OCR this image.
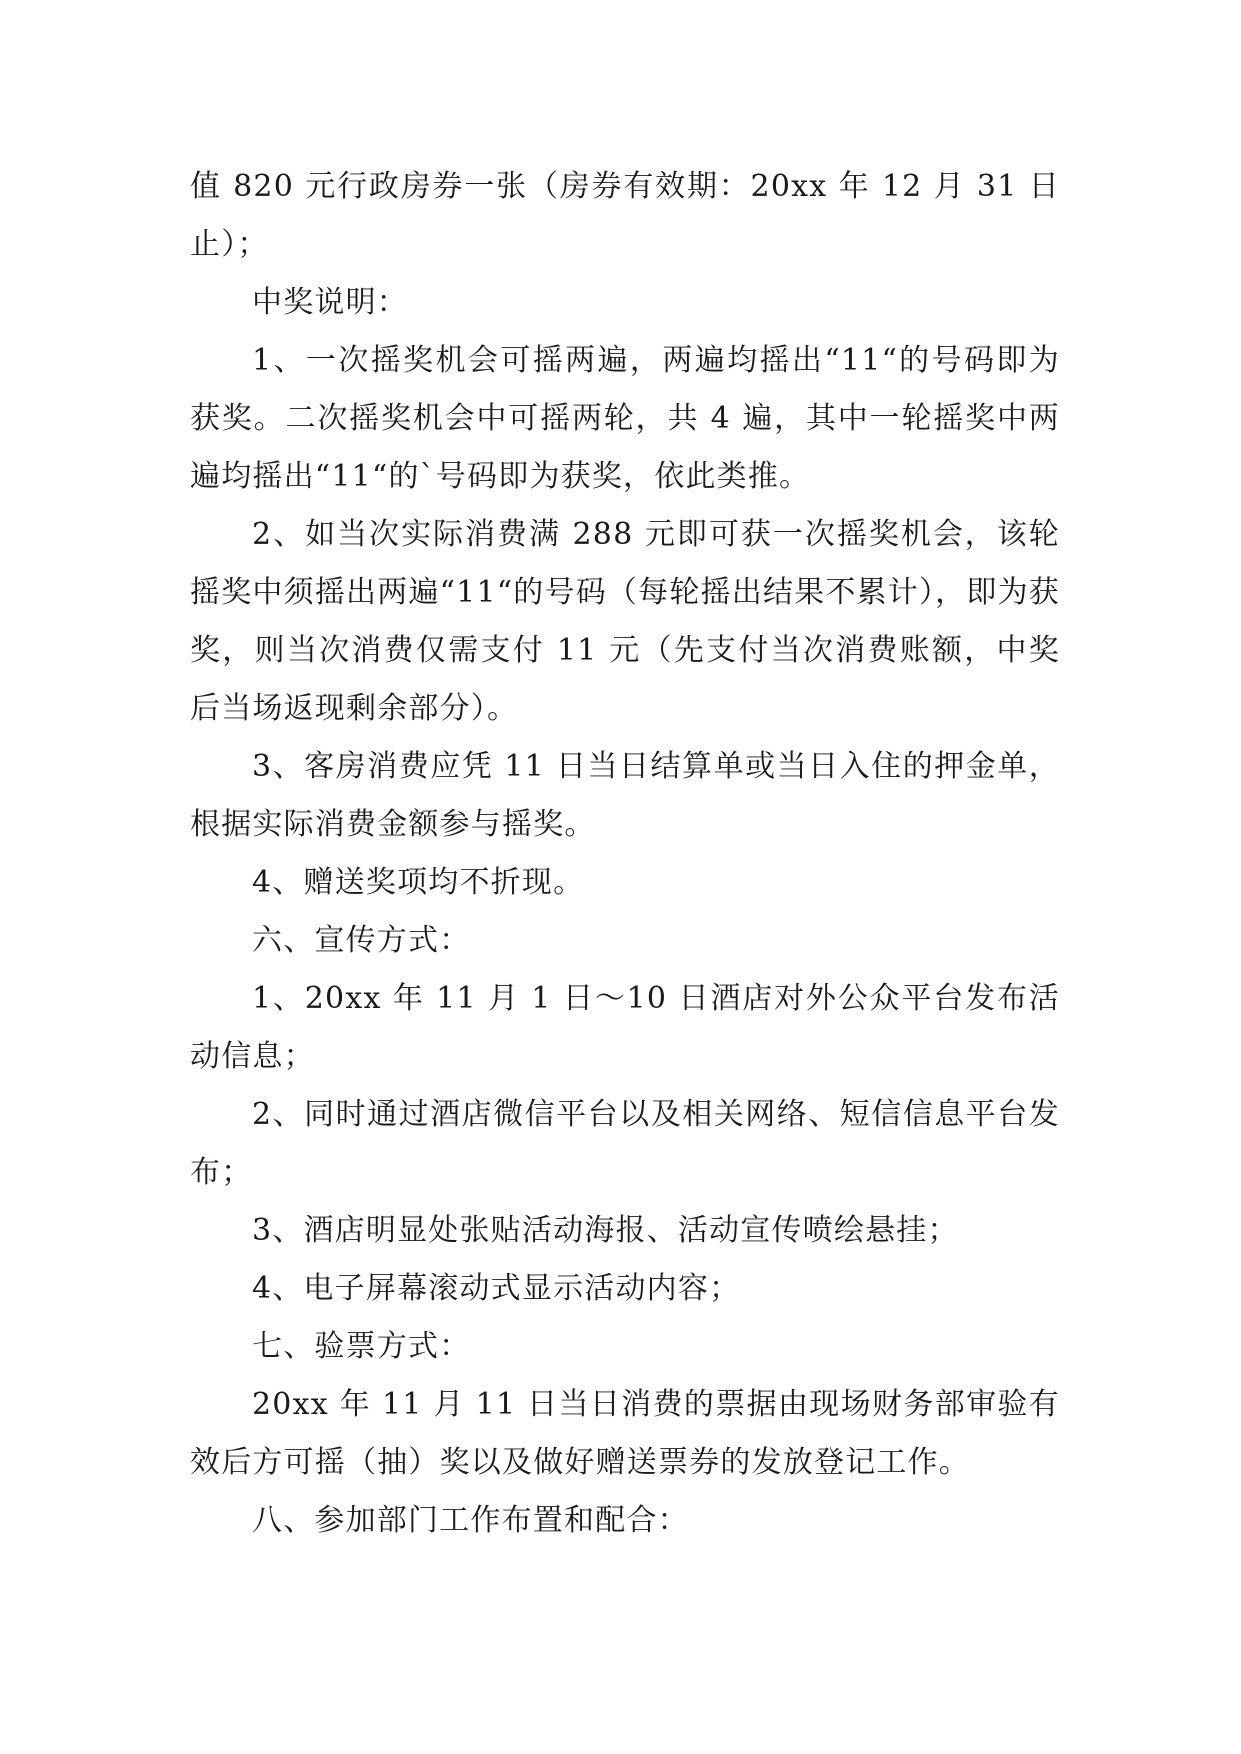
值 820 元行政房券一张（房券有效期：20xx 年 12 月 31 日止）；

中奖说明：

1、一次摇奖机会可摇两遍，两遍均摇出“11“的号码即为获奖。二次摇奖机会中可摇两轮，共 4 遍，其中一轮摇奖中两遍均摇出“11“的`号码即为获奖，依此类推。

2、如当次实际消费满 288 元即可获一次摇奖机会，该轮摇奖中须摇出两遍“11“的号码（每轮摇出结果不累计），即为获奖，则当次消费仅需支付 11 元（先支付当次消费账额，中奖后当场返现剩余部分）。

3、客房消费应凭 11 日当日结算单或当日入住的押金单，根据实际消费金额参与摇奖。

4、赠送奖项均不折现。

六、宣传方式：

1、20xx 年 11 月 1 日～10 日酒店对外公众平台发布活动信息；

2、同时通过酒店微信平台以及相关网络、短信信息平台发布；

3、酒店明显处张贴活动海报、活动宣传喷绘悬挂；

4、电子屏幕滚动式显示活动内容；

七、验票方式：

20xx 年 11 月 11 日当日消费的票据由现场财务部审验有效后方可摇（抽）奖以及做好赠送票券的发放登记工作。

八、参加部门工作布置和配合：
